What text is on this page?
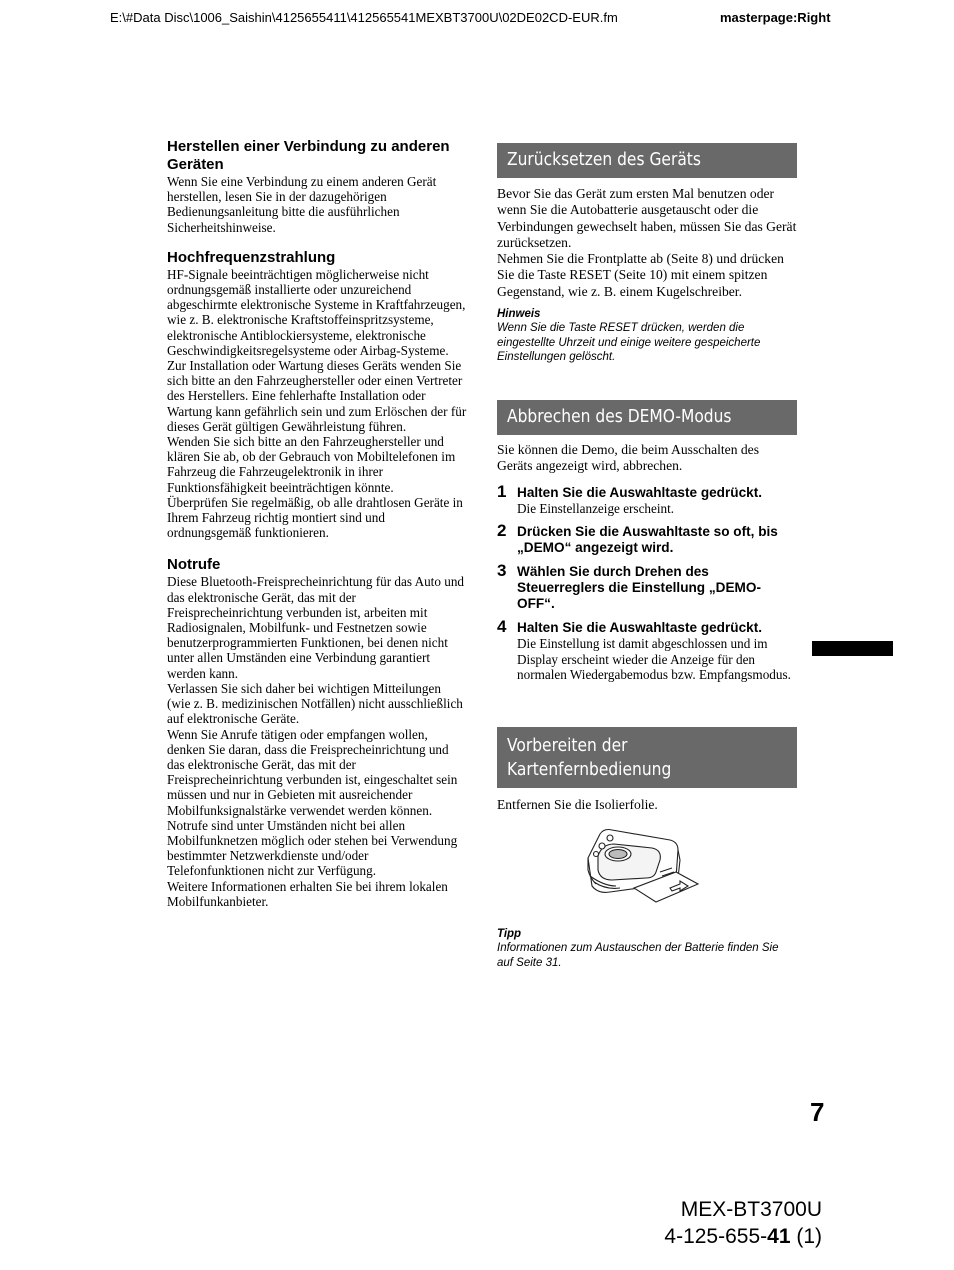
E:\#Data Disc\1006_Saishin\4125655411\412565541MEXBT3700U\02DE02CD-EUR.fm	masterpage:Right
Herstellen einer Verbindung zu anderen Geräten

Wenn Sie eine Verbindung zu einem anderen Gerät herstellen, lesen Sie in der dazugehörigen Bedienungsanleitung bitte die ausführlichen Sicherheitshinweise.

Hochfrequenzstrahlung

HF-Signale beeinträchtigen möglicherweise nicht ordnungsgemäß installierte oder unzureichend abgeschirmte elektronische Systeme in Kraftfahrzeugen, wie z. B. elektronische Kraftstoffeinspritzsysteme, elektronische Antiblockiersysteme, elektronische Geschwindigkeitsregelsysteme oder Airbag-Systeme. Zur Installation oder Wartung dieses Geräts wenden Sie sich bitte an den Fahrzeughersteller oder einen Vertreter des Herstellers. Eine fehlerhafte Installation oder Wartung kann gefährlich sein und zum Erlöschen der für dieses Gerät gültigen Gewährleistung führen.

Wenden Sie sich bitte an den Fahrzeughersteller und klären Sie ab, ob der Gebrauch von Mobiltelefonen im Fahrzeug die Fahrzeugelektronik in ihrer Funktionsfähigkeit beeinträchtigen könnte.

Überprüfen Sie regelmäßig, ob alle drahtlosen Geräte in Ihrem Fahrzeug richtig montiert sind und ordnungsgemäß funktionieren.

Notrufe

Diese Bluetooth-Freisprecheinrichtung für das Auto und das elektronische Gerät, das mit der Freisprecheinrichtung verbunden ist, arbeiten mit Radiosignalen, Mobilfunk- und Festnetzen sowie benutzerprogrammierten Funktionen, bei denen nicht unter allen Umständen eine Verbindung garantiert werden kann.

Verlassen Sie sich daher bei wichtigen Mitteilungen (wie z. B. medizinischen Notfällen) nicht ausschließlich auf elektronische Geräte.

Wenn Sie Anrufe tätigen oder empfangen wollen, denken Sie daran, dass die Freisprecheinrichtung und das elektronische Gerät, das mit der Freisprecheinrichtung verbunden ist, eingeschaltet sein müssen und nur in Gebieten mit ausreichender Mobilfunksignalstärke verwendet werden können.

Notrufe sind unter Umständen nicht bei allen Mobilfunknetzen möglich oder stehen bei Verwendung bestimmter Netzwerkdienste und/oder Telefonfunktionen nicht zur Verfügung.

Weitere Informationen erhalten Sie bei ihrem lokalen Mobilfunkanbieter.

Zurücksetzen des Geräts

Bevor Sie das Gerät zum ersten Mal benutzen oder wenn Sie die Autobatterie ausgetauscht oder die Verbindungen gewechselt haben, müssen Sie das Gerät zurücksetzen.

Nehmen Sie die Frontplatte ab (Seite 8) und drücken Sie die Taste RESET (Seite 10) mit einem spitzen Gegenstand, wie z. B. einem Kugelschreiber.

Hinweis
Wenn Sie die Taste RESET drücken, werden die eingestellte Uhrzeit und einige weitere gespeicherte Einstellungen gelöscht.
Abbrechen des DEMO-Modus

Sie können die Demo, die beim Ausschalten des Geräts angezeigt wird, abbrechen.

1 Halten Sie die Auswahltaste gedrückt.
Die Einstellanzeige erscheint.
2 Drücken Sie die Auswahltaste so oft, bis „DEMO“ angezeigt wird.
3 Wählen Sie durch Drehen des Steuerreglers die Einstellung „DEMO-OFF“.
4 Halten Sie die Auswahltaste gedrückt.
Die Einstellung ist damit abgeschlossen und im Display erscheint wieder die Anzeige für den normalen Wiedergabemodus bzw. Empfangsmodus.
Vorbereiten der
Kartenfernbedienung

Entfernen Sie die Isolierfolie.

Tipp
Informationen zum Austauschen der Batterie finden Sie auf Seite 31.
7
MEX-BT3700U
4-125-655-41 (1)
